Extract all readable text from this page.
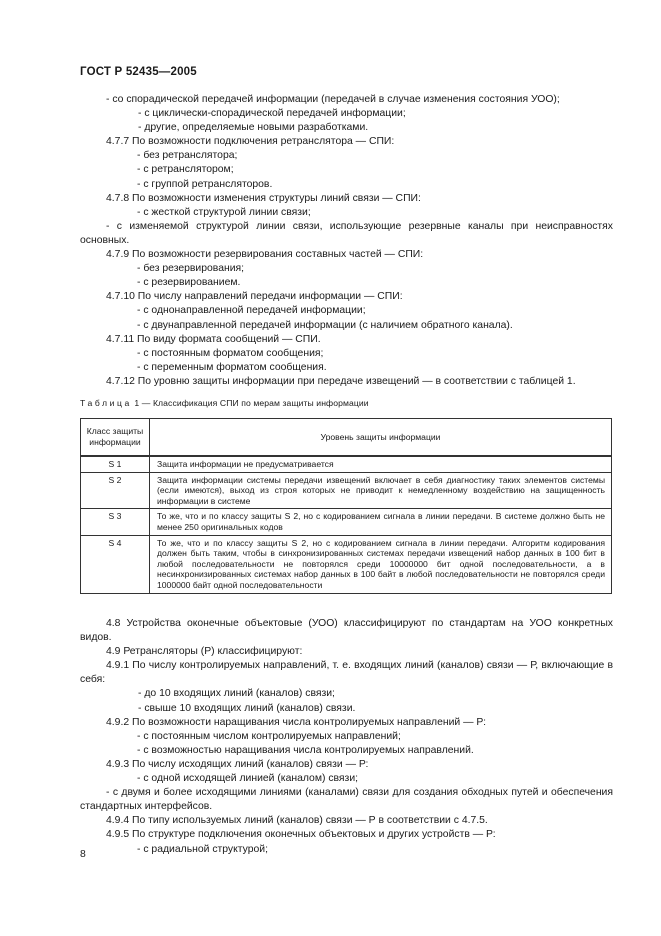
ГОСТ Р 52435—2005
- со спорадической передачей информации (передачей в случае изменения состояния УОО);
- с циклически-спорадической передачей информации;
- другие, определяемые новыми разработками.
4.7.7 По возможности подключения ретранслятора — СПИ:
- без ретранслятора;
- с ретранслятором;
- с группой ретрансляторов.
4.7.8 По возможности изменения структуры линий связи — СПИ:
- с жесткой структурой линии связи;
- с изменяемой структурой линии связи, использующие резервные каналы при неисправностях основных.
4.7.9 По возможности резервирования составных частей — СПИ:
- без резервирования;
- с резервированием.
4.7.10 По числу направлений передачи информации — СПИ:
- с однонаправленной передачей информации;
- с двунаправленной передачей информации (с наличием обратного канала).
4.7.11 По виду формата сообщений — СПИ.
- с постоянным форматом сообщения;
- с переменным форматом сообщения.
4.7.12 По уровню защиты информации при передаче извещений — в соответствии с таблицей 1.
Таблица 1 — Классификация СПИ по мерам защиты информации
Класс защиты информации	Уровень защиты информации
S 1	Защита информации не предусматривается
S 2	Защита информации системы передачи извещений включает в себя диагностику таких элементов системы (если имеются), выход из строя которых не приводит к немедленному воздействию на защищенность информации в системе
S 3	То же, что и по классу защиты S 2, но с кодированием сигнала в линии передачи. В системе должно быть не менее 250 оригинальных кодов
S 4	То же, что и по классу защиты S 2, но с кодированием сигнала в линии передачи. Алгоритм кодирования должен быть таким, чтобы в синхронизированных системах передачи извещений набор данных в 100 бит в любой последовательности не повторялся среди 10000000 бит одной последовательности, а в несинхронизированных системах набор данных в 100 байт в любой последовательности не повторялся среди 1000000 байт одной последовательности
4.8 Устройства оконечные объектовые (УОО) классифицируют по стандартам на УОО конкретных видов.
4.9 Ретрансляторы (Р) классифицируют:
4.9.1 По числу контролируемых направлений, т. е. входящих линий (каналов) связи — Р, включающие в себя:
- до 10 входящих линий (каналов) связи;
- свыше 10 входящих линий (каналов) связи.
4.9.2 По возможности наращивания числа контролируемых направлений — Р:
- с постоянным числом контролируемых направлений;
- с возможностью наращивания числа контролируемых направлений.
4.9.3 По числу исходящих линий (каналов) связи — Р:
- с одной исходящей линией (каналом) связи;
- с двумя и более исходящими линиями (каналами) связи для создания обходных путей и обеспечения стандартных интерфейсов.
4.9.4 По типу используемых линий (каналов) связи — Р в соответствии с 4.7.5.
4.9.5 По структуре подключения оконечных объектовых и других устройств — Р:
- с радиальной структурой;
8
